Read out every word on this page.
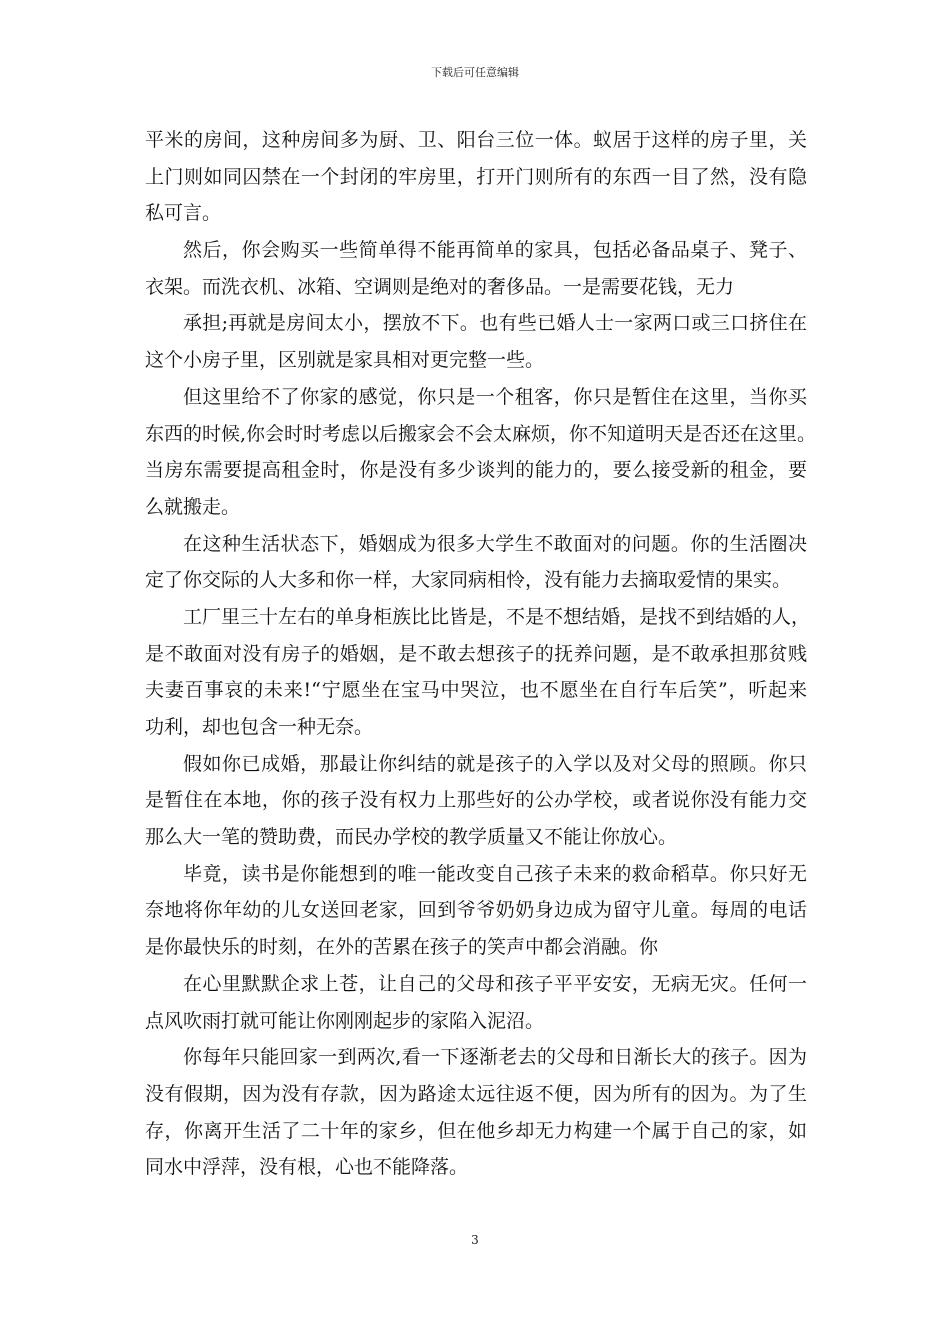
下载后可任意编辑
平米的房间，这种房间多为厨、卫、阳台三位一体。蚁居于这样的房子里，关
上门则如同囚禁在一个封闭的牢房里，打开门则所有的东西一目了然，没有隐
私可言。
然后，你会购买一些简单得不能再简单的家具，包括必备品桌子、凳子、
衣架。而洗衣机、冰箱、空调则是绝对的奢侈品。一是需要花钱，无力
承担;再就是房间太小，摆放不下。也有些已婚人士一家两口或三口挤住在
这个小房子里，区别就是家具相对更完整一些。
但这里给不了你家的感觉，你只是一个租客，你只是暂住在这里，当你买
东西的时候,你会时时考虑以后搬家会不会太麻烦，你不知道明天是否还在这里。
当房东需要提高租金时，你是没有多少谈判的能力的，要么接受新的租金，要
么就搬走。
在这种生活状态下，婚姻成为很多大学生不敢面对的问题。你的生活圈决
定了你交际的人大多和你一样，大家同病相怜，没有能力去摘取爱情的果实。
工厂里三十左右的单身柜族比比皆是，不是不想结婚，是找不到结婚的人，
是不敢面对没有房子的婚姻，是不敢去想孩子的抚养问题，是不敢承担那贫贱
夫妻百事哀的未来!“宁愿坐在宝马中哭泣，也不愿坐在自行车后笑”，听起来
功利，却也包含一种无奈。
假如你已成婚，那最让你纠结的就是孩子的入学以及对父母的照顾。你只
是暂住在本地，你的孩子没有权力上那些好的公办学校，或者说你没有能力交
那么大一笔的赞助费，而民办学校的教学质量又不能让你放心。
毕竟，读书是你能想到的唯一能改变自己孩子未来的救命稻草。你只好无
奈地将你年幼的儿女送回老家，回到爷爷奶奶身边成为留守儿童。每周的电话
是你最快乐的时刻，在外的苦累在孩子的笑声中都会消融。你
在心里默默企求上苍，让自己的父母和孩子平平安安，无病无灾。任何一
点风吹雨打就可能让你刚刚起步的家陷入泥沼。
你每年只能回家一到两次,看一下逐渐老去的父母和日渐长大的孩子。因为
没有假期，因为没有存款，因为路途太远往返不便，因为所有的因为。为了生
存，你离开生活了二十年的家乡，但在他乡却无力构建一个属于自己的家，如
同水中浮萍，没有根，心也不能降落。
3
